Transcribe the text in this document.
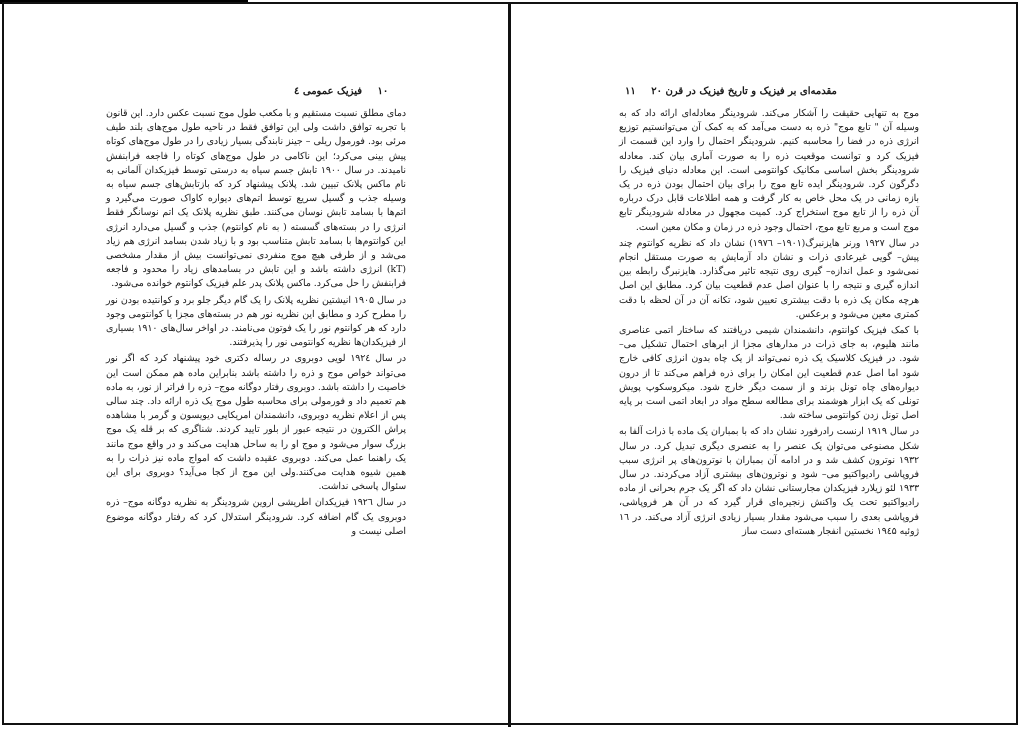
۱۰ فیزیک عمومی ٤

دمای مطلق نسبت مستقیم و با مکعب طول موج نسبت عکس دارد. این قانون با تجربه توافق داشت ولی این توافق فقط در ناحیه طول موج‌های بلند طیف مرئی بود. فورمول ریلی – جینز نابندگی بسیار زیادی را در طول موج‌های کوتاه پیش بینی می‌کرد؛ این ناکامی در طول موج‌های کوتاه را فاجعه فرابنفش نامیدند. در سال ۱۹۰۰ تابش جسم سیاه به درستی توسط فیزیکدان آلمانی به نام ماکس پلانک تبیین شد. پلانک پیشنهاد کرد که بازتابش‌های جسم سیاه به وسیله جذب و گسیل سریع توسط اتم‌های دیواره کاواک صورت می‌گیرد و اتم‌ها با بسامد تابش نوسان می‌کنند. طبق نظریه پلانک یک اتم نوسانگر فقط انرژی را در بسته‌های گسسته ( به نام کوانتوم) جذب و گسیل می‌دارد انرژی این کوانتوم‌ها با بسامد تابش متناسب بود و با زیاد شدن بسامد انرژی هم زیاد می‌شد و از طرفی هیچ موج منفردی نمی‌توانست بیش از مقدار مشخصی (kT) انرژی داشته باشد و این تابش در بسامدهای زیاد را محدود و فاجعه فرابنفش را حل می‌کرد. ماکس پلانک پدر علم فیزیک کوانتوم خوانده می‌شود.

در سال ۱۹۰۵ انیشتین نظریه پلانک را یک گام دیگر جلو برد و کوانتیده بودن نور را مطرح کرد و مطابق این نظریه نور هم در بسته‌های مجزا یا کوانتومی وجود دارد که هر کوانتوم نور را یک فوتون می‌نامند. در اواخر سال‌های ۱۹۱۰ بسیاری از فیزیکدان‌ها نظریه کوانتومی نور را پذیرفتند.

در سال ۱۹۲٤ لویی دوبروی در رساله دکتری خود پیشنهاد کرد که اگر نور می‌تواند خواص موج و ذره را داشته باشد بنابراین ماده هم ممکن است این خاصیت را داشته باشد. دوبروی رفتار دوگانه موج– ذره را فراتر از نور، به ماده هم تعمیم داد و فورمولی برای محاسبه طول موج یک ذره ارائه داد. چند سالی پس از اعلام نظریه دوبروی، دانشمندان امریکایی دیویسون و گرمر با مشاهده پراش الکترون در نتیجه عبور از بلور تایید کردند. شناگری که بر قله یک موج بزرگ سوار می‌شود و موج او را به ساحل هدایت می‌کند و در واقع موج مانند یک راهنما عمل می‌کند. دوبروی عقیده داشت که امواج ماده نیز ذرات را به همین شیوه هدایت می‌کنند.ولی این موج از کجا می‌آید؟ دوبروی برای این سئوال پاسخی نداشت.

در سال ۱۹۲٦ فیزیکدان اطریشی اروین شرودینگر به نظریه دوگانه موج– ذره دوبروی یک گام اضافه کرد. شرودینگر استدلال کرد که رفتار دوگانه موضوع اصلی نیست و

مقدمه‌ای بر فیزیک و تاریخ فیزیک در قرن ۲۰ ۱۱

موج به تنهایی حقیقت را آشکار می‌کند. شرودینگر معادله‌ای ارائه داد که به وسیله آن " تابع موج" ذره به دست می‌آمد که به کمک آن می‌توانستیم توزیع انرژی ذره در فضا را محاسبه کنیم. شرودینگر احتمال را وارد این قسمت از فیزیک کرد و توانست موقعیت ذره را به صورت آماری بیان کند. معادله شرودینگر بخش اساسی مکانیک کوانتومی است. این معادله دنیای فیزیک را دگرگون کرد. شرودینگر ایده تابع موج را برای بیان احتمال بودن ذره در یک بازه زمانی در یک محل خاص به کار گرفت و همه اطلاعات قابل درک درباره آن ذره را از تابع موج استخراج کرد. کمیت مجهول در معادله شرودینگر تابع موج است و مربع تابع موج، احتمال وجود ذره در زمان و مکان معین است.

در سال ۱۹۲۷ ورنر هایزنبرگ(۱۹۰۱– ۱۹۷٦) نشان داد که نظریه کوانتوم چند پیش– گویی غیرعادی ذرات و نشان داد آزمایش به صورت مستقل انجام نمی‌شود و عمل اندازه– گیری روی نتیجه تاثیر می‌گذارد. هایزنبرگ رابطه بین اندازه گیری و نتیجه را با عنوان اصل عدم قطعیت بیان کرد. مطابق این اصل هرچه مکان یک ذره با دقت بیشتری تعیین شود، تکانه آن در آن لحظه با دقت کمتری معین می‌شود و برعکس.

با کمک فیزیک کوانتوم، دانشمندان شیمی دریافتند که ساختار اتمی عناصری مانند هلیوم، به جای ذرات در مدارهای مجزا از ابرهای احتمال تشکیل می‌–شود. در فیزیک کلاسیک یک ذره نمی‌تواند از یک چاه بدون انرژی کافی خارج شود اما اصل عدم قطعیت این امکان را برای ذره فراهم می‌کند تا از درون دیواره‌های چاه تونل بزند و از سمت دیگر خارج شود. میکروسکوپ پویش تونلی که یک ابزار هوشمند برای مطالعه سطح مواد در ابعاد اتمی است بر پایه اصل تونل زدن کوانتومی ساخته شد.

در سال ۱۹۱۹ ارنست رادرفورد نشان داد که با بمباران یک ماده با ذرات آلفا به شکل مصنوعی می‌توان یک عنصر را به عنصری دیگری تبدیل کرد. در سال ۱۹۳۲ نوترون کشف شد و در ادامه آن بمباران با نوترون‌های پر انرژی سبب فروپاشی رادیواکتیو می– شود و نوترون‌های بیشتری آزاد می‌کردند. در سال ۱۹۳۳ لئو زیلارد فیزیکدان مجارستانی نشان داد که اگر یک جرم بحرانی از ماده رادیواکتیو تحت یک واکنش زنجیره‌ای قرار گیرد که در آن هر فروپاشی، فروپاشی بعدی را سبب می‌شود مقدار بسیار زیادی انرژی آزاد می‌کند. در ۱٦ ژوئیه ۱۹٤۵ نخستین انفجار هسته‌ای دست ساز
